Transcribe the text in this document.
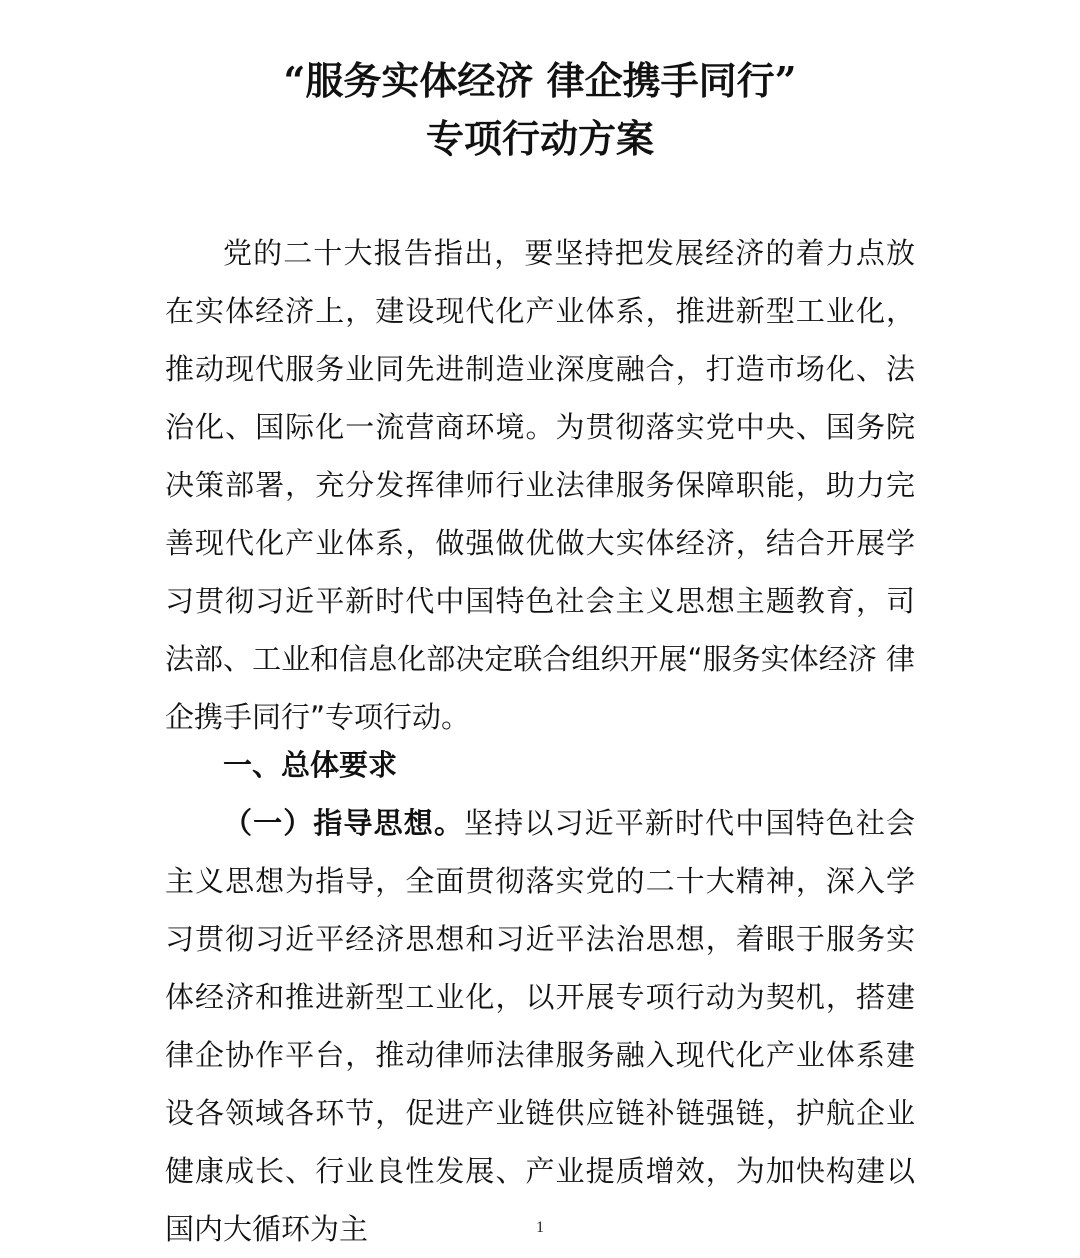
“服务实体经济 律企携手同行”
专项行动方案

党的二十大报告指出，要坚持把发展经济的着力点放在实体经济上，建设现代化产业体系，推进新型工业化，推动现代服务业同先进制造业深度融合，打造市场化、法治化、国际化一流营商环境。为贯彻落实党中央、国务院决策部署，充分发挥律师行业法律服务保障职能，助力完善现代化产业体系，做强做优做大实体经济，结合开展学习贯彻习近平新时代中国特色社会主义思想主题教育，司法部、工业和信息化部决定联合组织开展“服务实体经济 律企携手同行”专项行动。

一、总体要求

（一）指导思想。坚持以习近平新时代中国特色社会主义思想为指导，全面贯彻落实党的二十大精神，深入学习贯彻习近平经济思想和习近平法治思想，着眼于服务实体经济和推进新型工业化，以开展专项行动为契机，搭建律企协作平台，推动律师法律服务融入现代化产业体系建设各领域各环节，促进产业链供应链补链强链，护航企业健康成长、行业良性发展、产业提质增效，为加快构建以国内大循环为主	1
